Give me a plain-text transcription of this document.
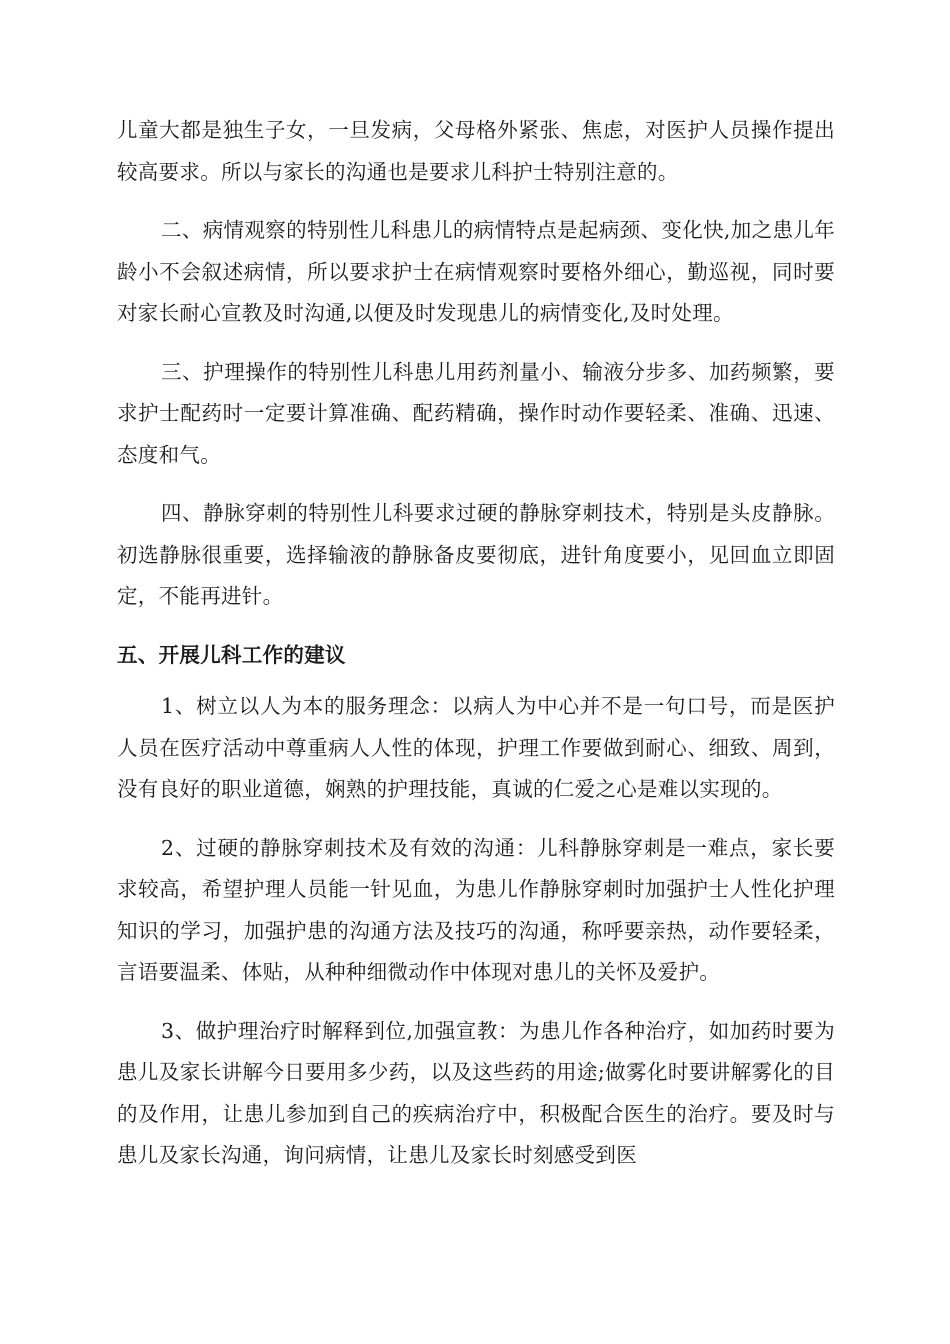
儿童大都是独生子女，一旦发病，父母格外紧张、焦虑，对医护人员操作提出较高要求。所以与家长的沟通也是要求儿科护士特别注意的。

二、病情观察的特别性儿科患儿的病情特点是起病颈、变化快,加之患儿年龄小不会叙述病情，所以要求护士在病情观察时要格外细心，勤巡视，同时要对家长耐心宣教及时沟通,以便及时发现患儿的病情变化,及时处理。

三、护理操作的特别性儿科患儿用药剂量小、输液分步多、加药频繁，要求护士配药时一定要计算准确、配药精确，操作时动作要轻柔、准确、迅速、态度和气。

四、静脉穿刺的特别性儿科要求过硬的静脉穿刺技术，特别是头皮静脉。初选静脉很重要，选择输液的静脉备皮要彻底，进针角度要小，见回血立即固定，不能再进针。

五、开展儿科工作的建议

1、树立以人为本的服务理念：以病人为中心并不是一句口号，而是医护人员在医疗活动中尊重病人人性的体现，护理工作要做到耐心、细致、周到，没有良好的职业道德，娴熟的护理技能，真诚的仁爱之心是难以实现的。

2、过硬的静脉穿刺技术及有效的沟通：儿科静脉穿刺是一难点，家长要求较高，希望护理人员能一针见血，为患儿作静脉穿刺时加强护士人性化护理知识的学习，加强护患的沟通方法及技巧的沟通，称呼要亲热，动作要轻柔，言语要温柔、体贴，从种种细微动作中体现对患儿的关怀及爱护。

3、做护理治疗时解释到位,加强宣教：为患儿作各种治疗，如加药时要为患儿及家长讲解今日要用多少药，以及这些药的用途;做雾化时要讲解雾化的目的及作用，让患儿参加到自己的疾病治疗中，积极配合医生的治疗。要及时与患儿及家长沟通，询问病情，让患儿及家长时刻感受到医
